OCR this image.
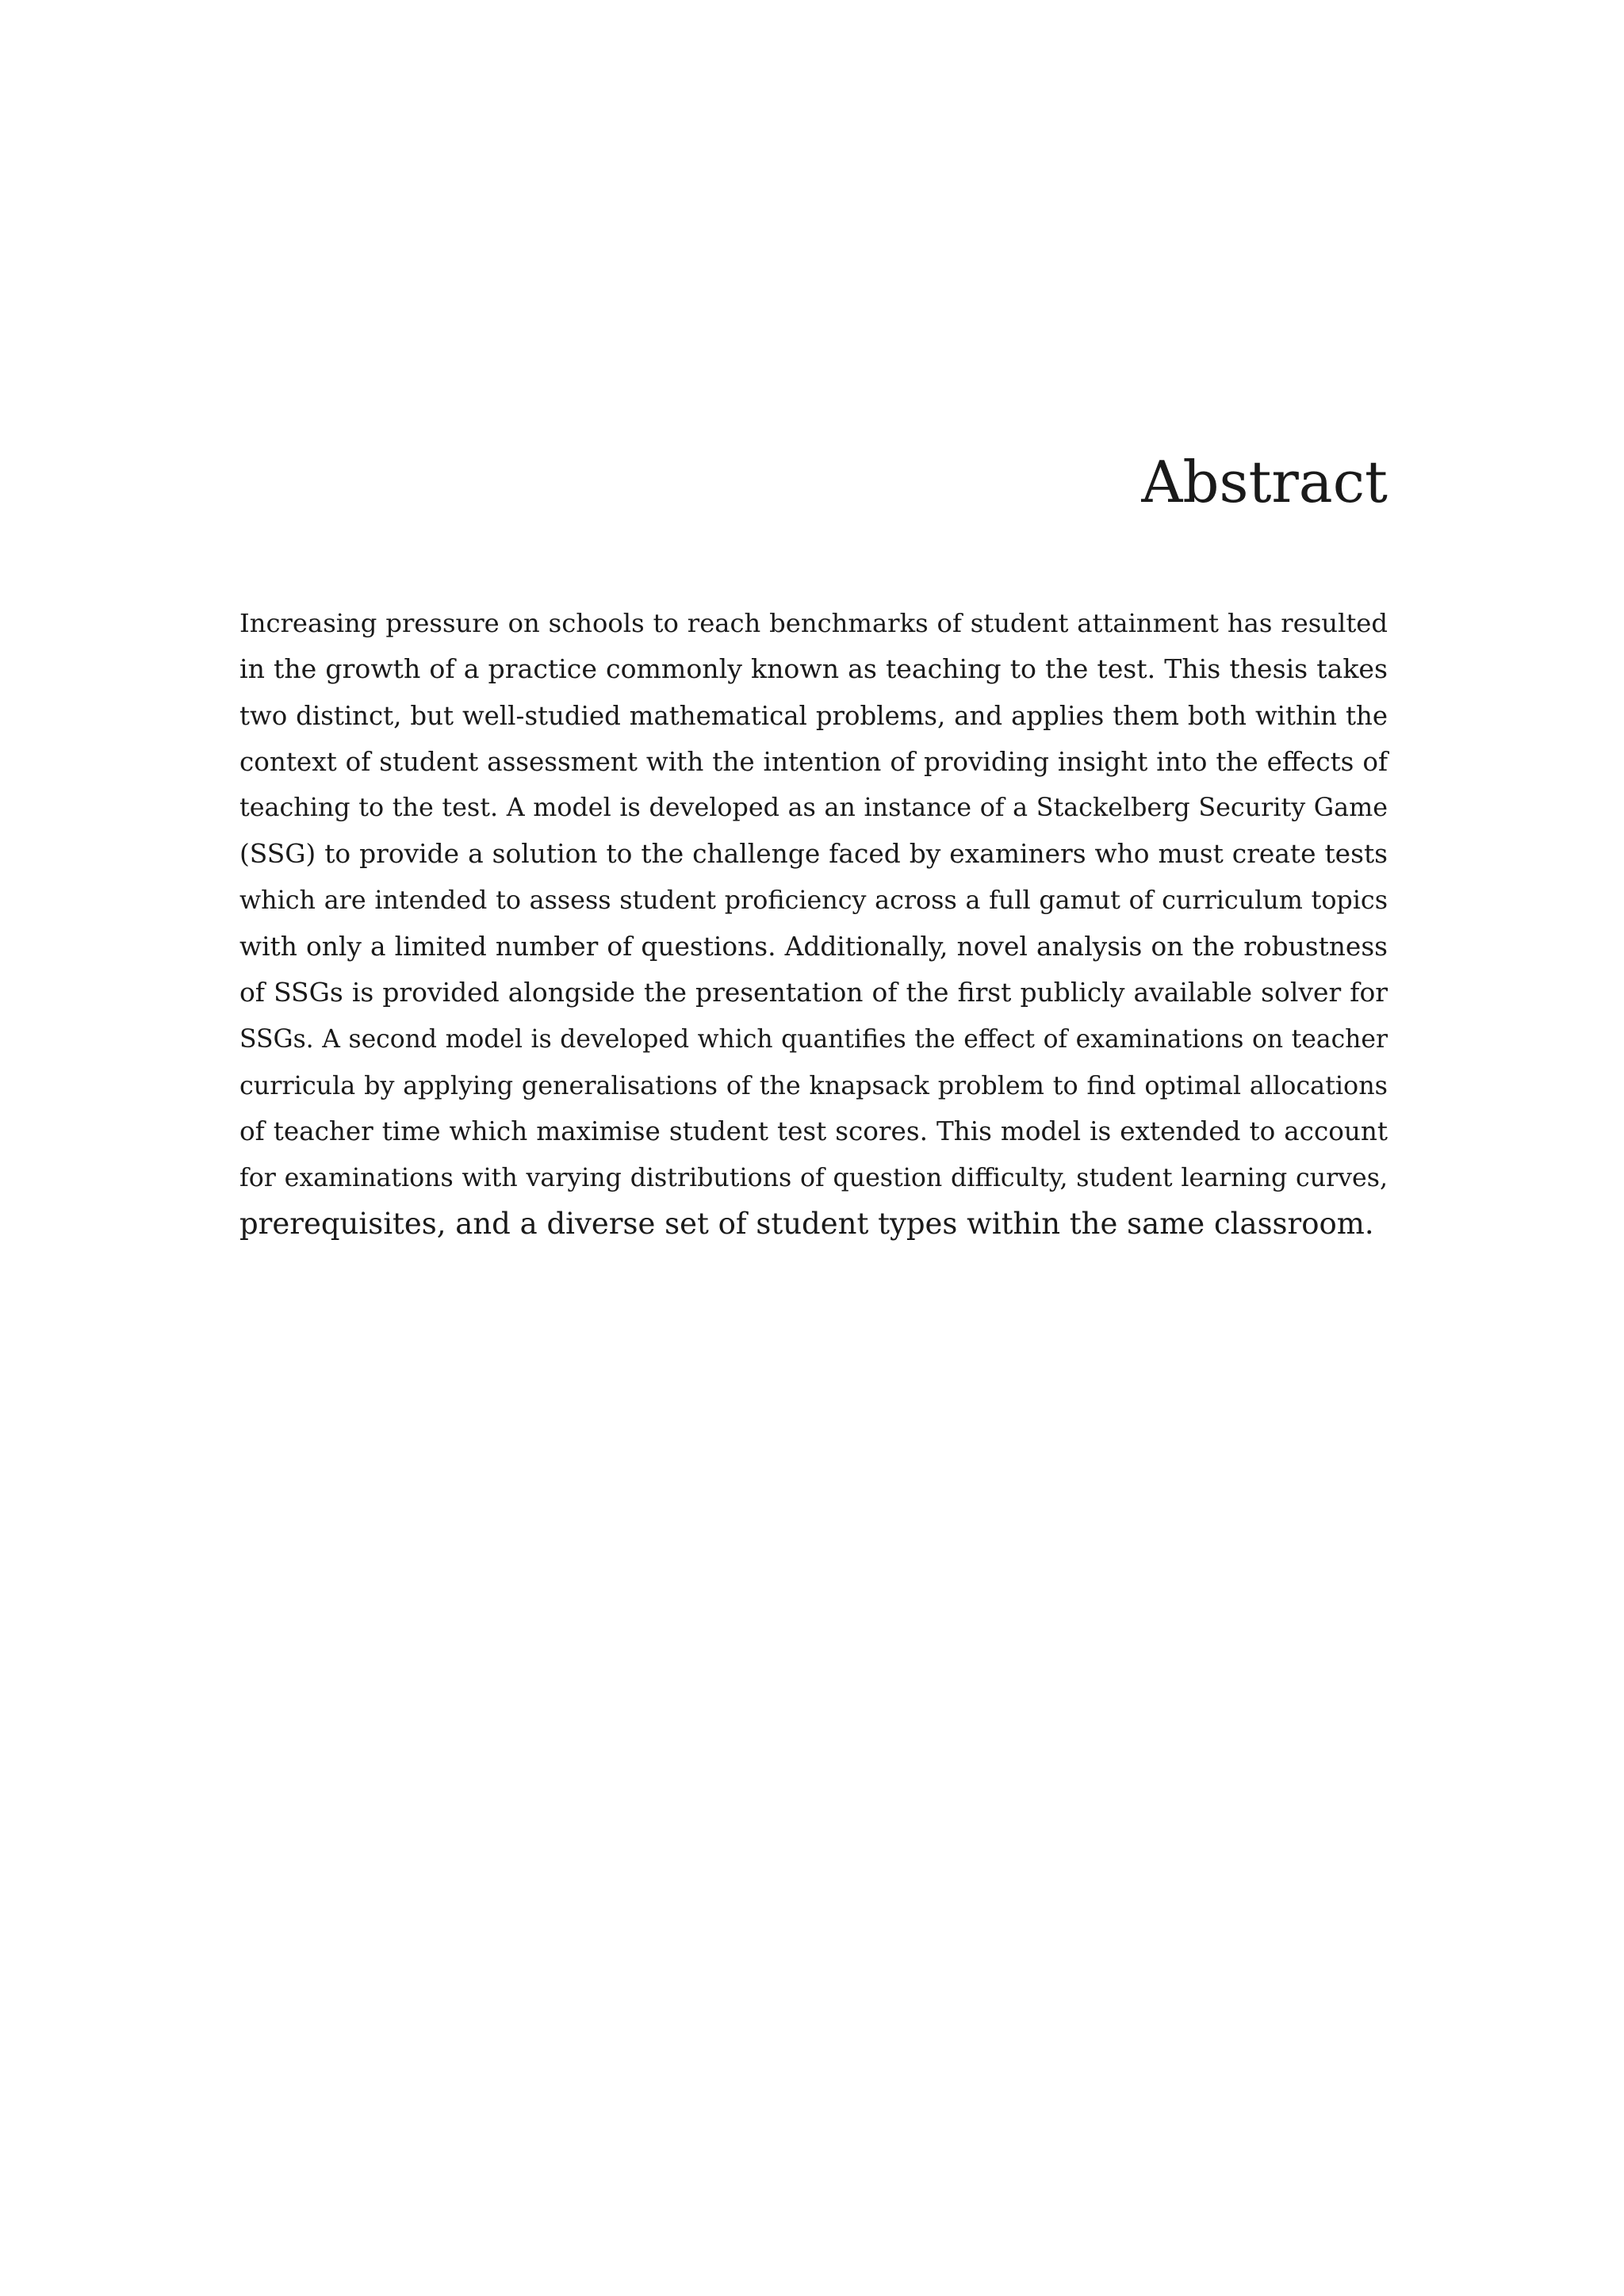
Abstract
Increasing pressure on schools to reach benchmarks of student attainment has resulted
in the growth of a practice commonly known as teaching to the test. This thesis takes
two distinct, but well-studied mathematical problems, and applies them both within the
context of student assessment with the intention of providing insight into the effects of
teaching to the test. A model is developed as an instance of a Stackelberg Security Game
(SSG) to provide a solution to the challenge faced by examiners who must create tests
which are intended to assess student proficiency across a full gamut of curriculum topics
with only a limited number of questions. Additionally, novel analysis on the robustness
of SSGs is provided alongside the presentation of the first publicly available solver for
SSGs. A second model is developed which quantifies the effect of examinations on teacher
curricula by applying generalisations of the knapsack problem to find optimal allocations
of teacher time which maximise student test scores. This model is extended to account
for examinations with varying distributions of question difficulty, student learning curves,
prerequisites, and a diverse set of student types within the same classroom.
